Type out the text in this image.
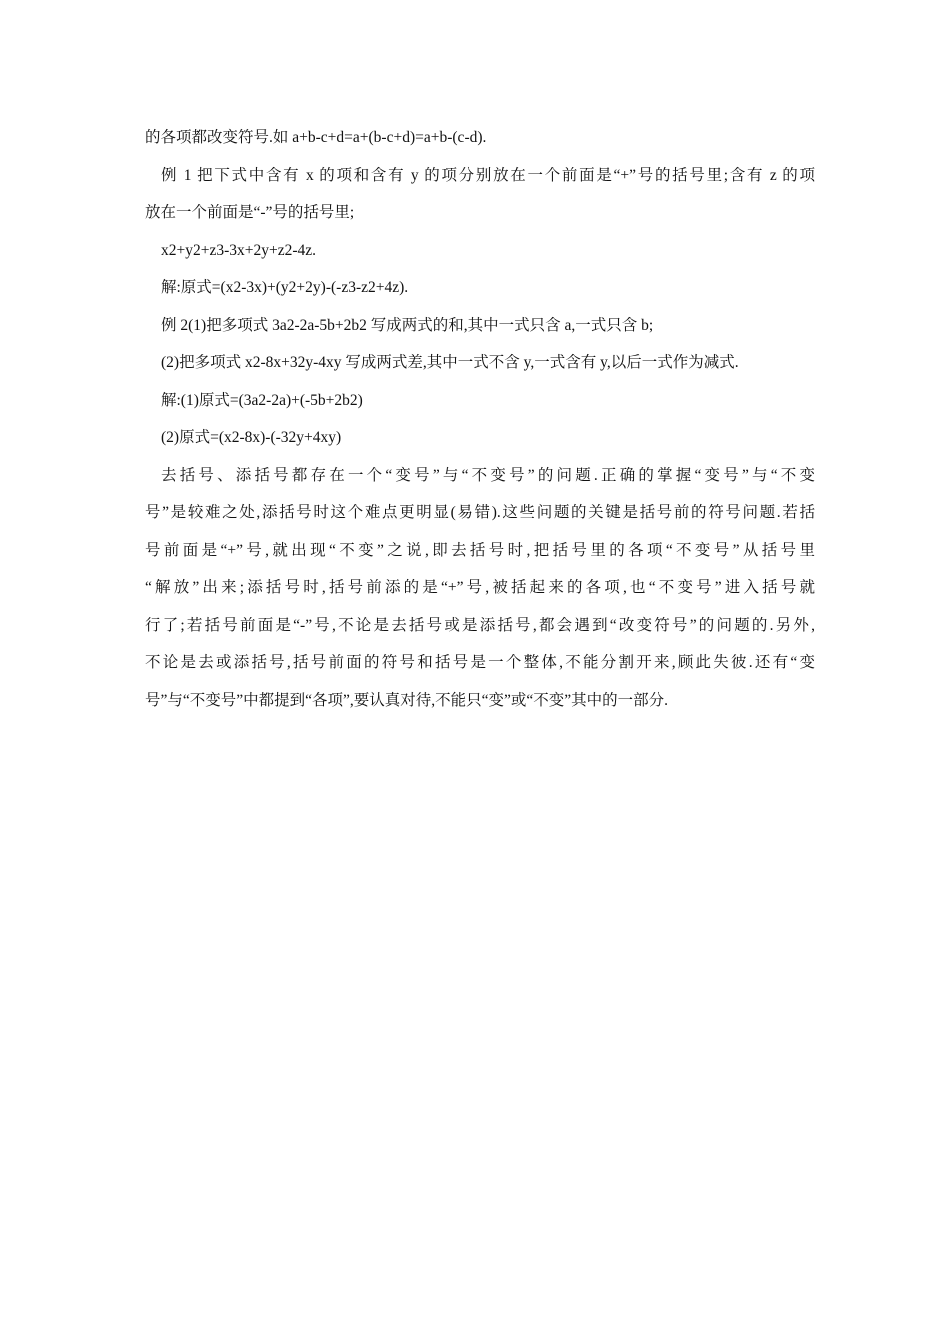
的各项都改变符号.如 a+b-c+d=a+(b-c+d)=a+b-(c-d).
例 1 把下式中含有 x 的项和含有 y 的项分别放在一个前面是“+”号的括号里;含有 z 的项
放在一个前面是“-”号的括号里;
x2+y2+z3-3x+2y+z2-4z.
解:原式=(x2-3x)+(y2+2y)-(-z3-z2+4z).
例 2(1)把多项式 3a2-2a-5b+2b2 写成两式的和,其中一式只含 a,一式只含 b;
(2)把多项式 x2-8x+32y-4xy 写成两式差,其中一式不含 y,一式含有 y,以后一式作为减式.
解:(1)原式=(3a2-2a)+(-5b+2b2)
(2)原式=(x2-8x)-(-32y+4xy)
去括号、添括号都存在一个“变号”与“不变号”的问题.正确的掌握“变号”与“不变
号”是较难之处,添括号时这个难点更明显(易错).这些问题的关键是括号前的符号问题.若括
号前面是“+”号,就出现“不变”之说,即去括号时,把括号里的各项“不变号”从括号里
“解放”出来;添括号时,括号前添的是“+”号,被括起来的各项,也“不变号”进入括号就
行了;若括号前面是“-”号,不论是去括号或是添括号,都会遇到“改变符号”的问题的.另外,
不论是去或添括号,括号前面的符号和括号是一个整体,不能分割开来,顾此失彼.还有“变
号”与“不变号”中都提到“各项”,要认真对待,不能只“变”或“不变”其中的一部分.
